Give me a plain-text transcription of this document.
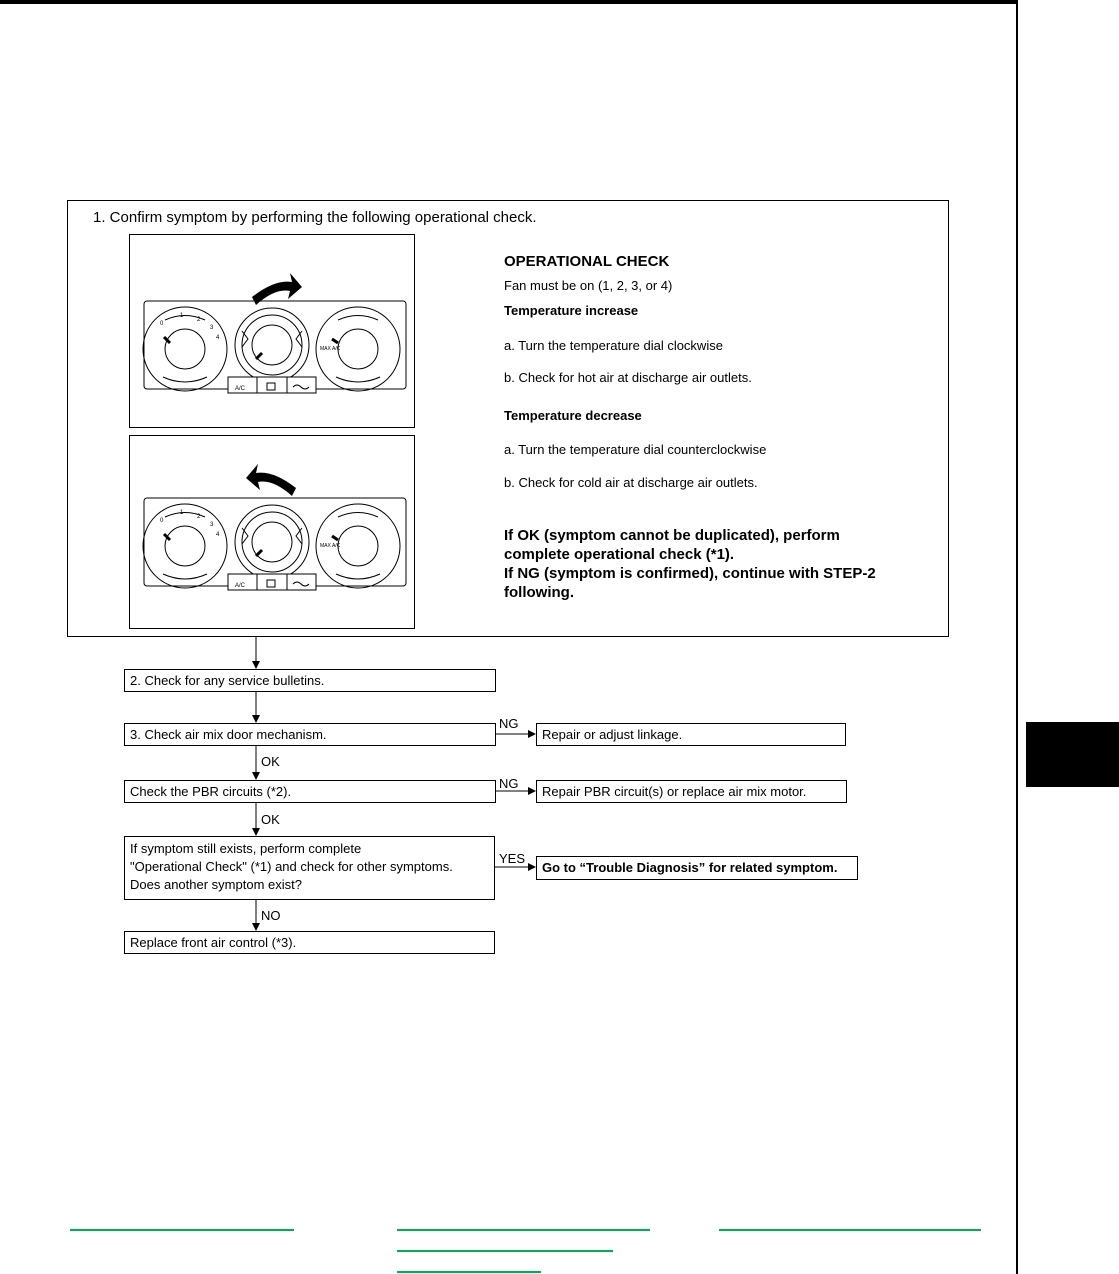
1. Confirm symptom by performing the following operational check.
0
1
2
3
4
MAX A/C
A/C
0
1
2
3
4
MAX A/C
A/C
OPERATIONAL CHECK
Fan must be on (1, 2, 3, or 4)
Temperature increase
a. Turn the temperature dial clockwise
b. Check for hot air at discharge air outlets.
Temperature decrease
a. Turn the temperature dial counterclockwise
b. Check for cold air at discharge air outlets.
If OK (symptom cannot be duplicated), perform
complete operational check (*1).
If NG (symptom is confirmed), continue with STEP-2
following.
2. Check for any service bulletins.
3. Check air mix door mechanism.
NG
Repair or adjust linkage.
OK
Check the PBR circuits (*2).
NG
Repair PBR circuit(s) or replace air mix motor.
OK
If symptom still exists, perform complete
"Operational Check" (*1) and check for other symptoms.
Does another symptom exist?
YES
Go to “Trouble Diagnosis” for related symptom.
NO
Replace front air control (*3).
